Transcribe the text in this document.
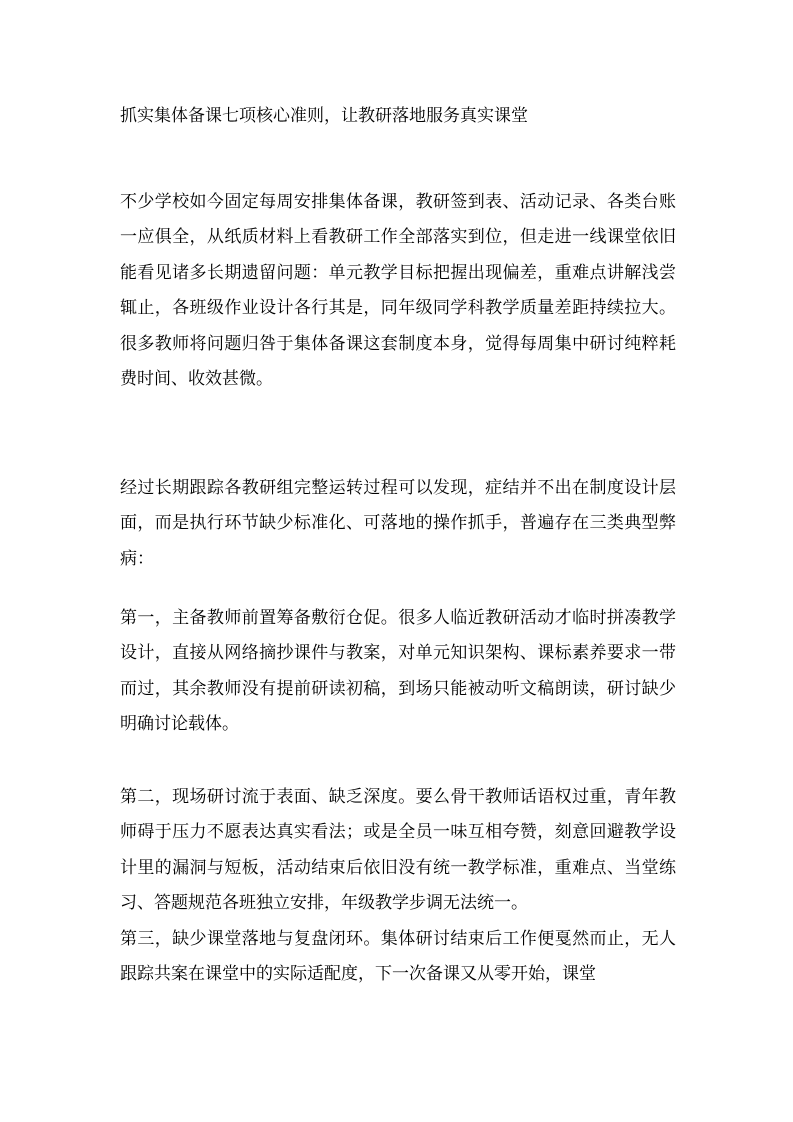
抓实集体备课七项核心准则，让教研落地服务真实课堂

不少学校如今固定每周安排集体备课，教研签到表、活动记录、各类台账一应俱全，从纸质材料上看教研工作全部落实到位，但走进一线课堂依旧能看见诸多长期遗留问题：单元教学目标把握出现偏差，重难点讲解浅尝辄止，各班级作业设计各行其是，同年级同学科教学质量差距持续拉大。很多教师将问题归咎于集体备课这套制度本身，觉得每周集中研讨纯粹耗费时间、收效甚微。

经过长期跟踪各教研组完整运转过程可以发现，症结并不出在制度设计层面，而是执行环节缺少标准化、可落地的操作抓手，普遍存在三类典型弊病：

第一，主备教师前置筹备敷衍仓促。很多人临近教研活动才临时拼凑教学设计，直接从网络摘抄课件与教案，对单元知识架构、课标素养要求一带而过，其余教师没有提前研读初稿，到场只能被动听文稿朗读，研讨缺少明确讨论载体。

第二，现场研讨流于表面、缺乏深度。要么骨干教师话语权过重，青年教师碍于压力不愿表达真实看法；或是全员一味互相夸赞，刻意回避教学设计里的漏洞与短板，活动结束后依旧没有统一教学标准，重难点、当堂练习、答题规范各班独立安排，年级教学步调无法统一。

第三，缺少课堂落地与复盘闭环。集体研讨结束后工作便戛然而止，无人跟踪共案在课堂中的实际适配度，下一次备课又从零开始，课堂
